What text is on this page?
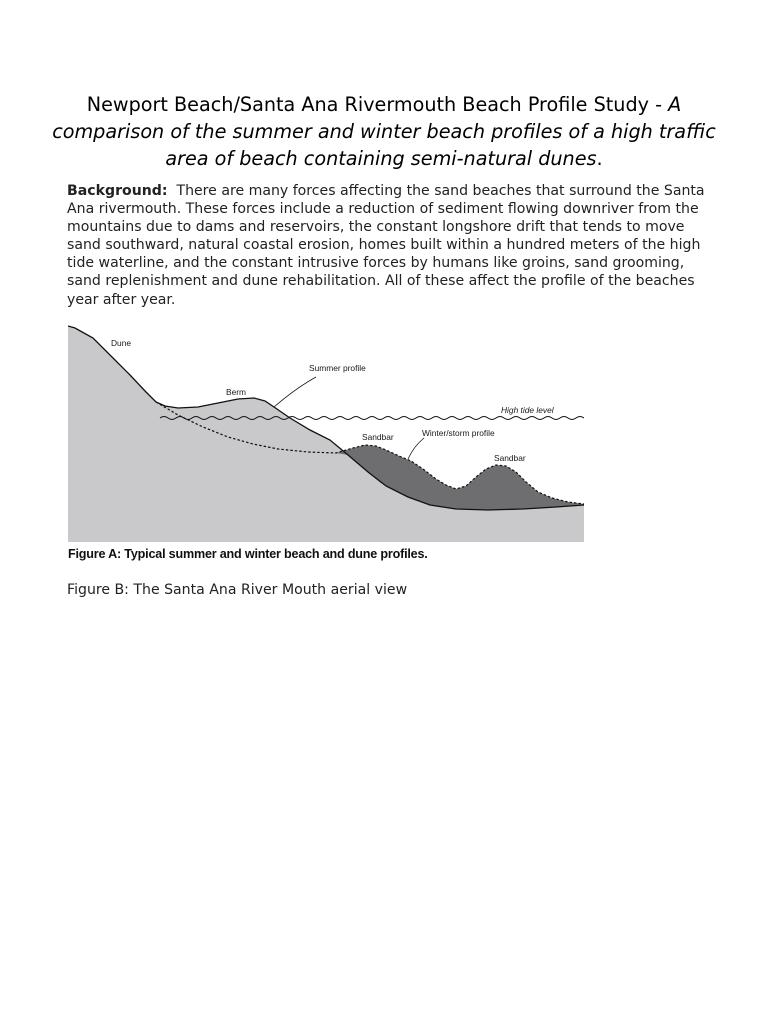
Newport Beach/Santa Ana Rivermouth Beach Profile Study - A comparison of the summer and winter beach profiles of a high traffic area of beach containing semi-natural dunes.

Background: There are many forces affecting the sand beaches that surround the Santa Ana rivermouth. These forces include a reduction of sediment flowing downriver from the mountains due to dams and reservoirs, the constant longshore drift that tends to move sand southward, natural coastal erosion, homes built within a hundred meters of the high tide waterline, and the constant intrusive forces by humans like groins, sand grooming, sand replenishment and dune rehabilitation. All of these affect the profile of the beaches year after year.

Dune
Summer profile
Berm
High tide level
Sandbar	Winter/storm profile
Sandbar
Figure A: Typical summer and winter beach and dune profiles.

Figure B: The Santa Ana River Mouth aerial view
